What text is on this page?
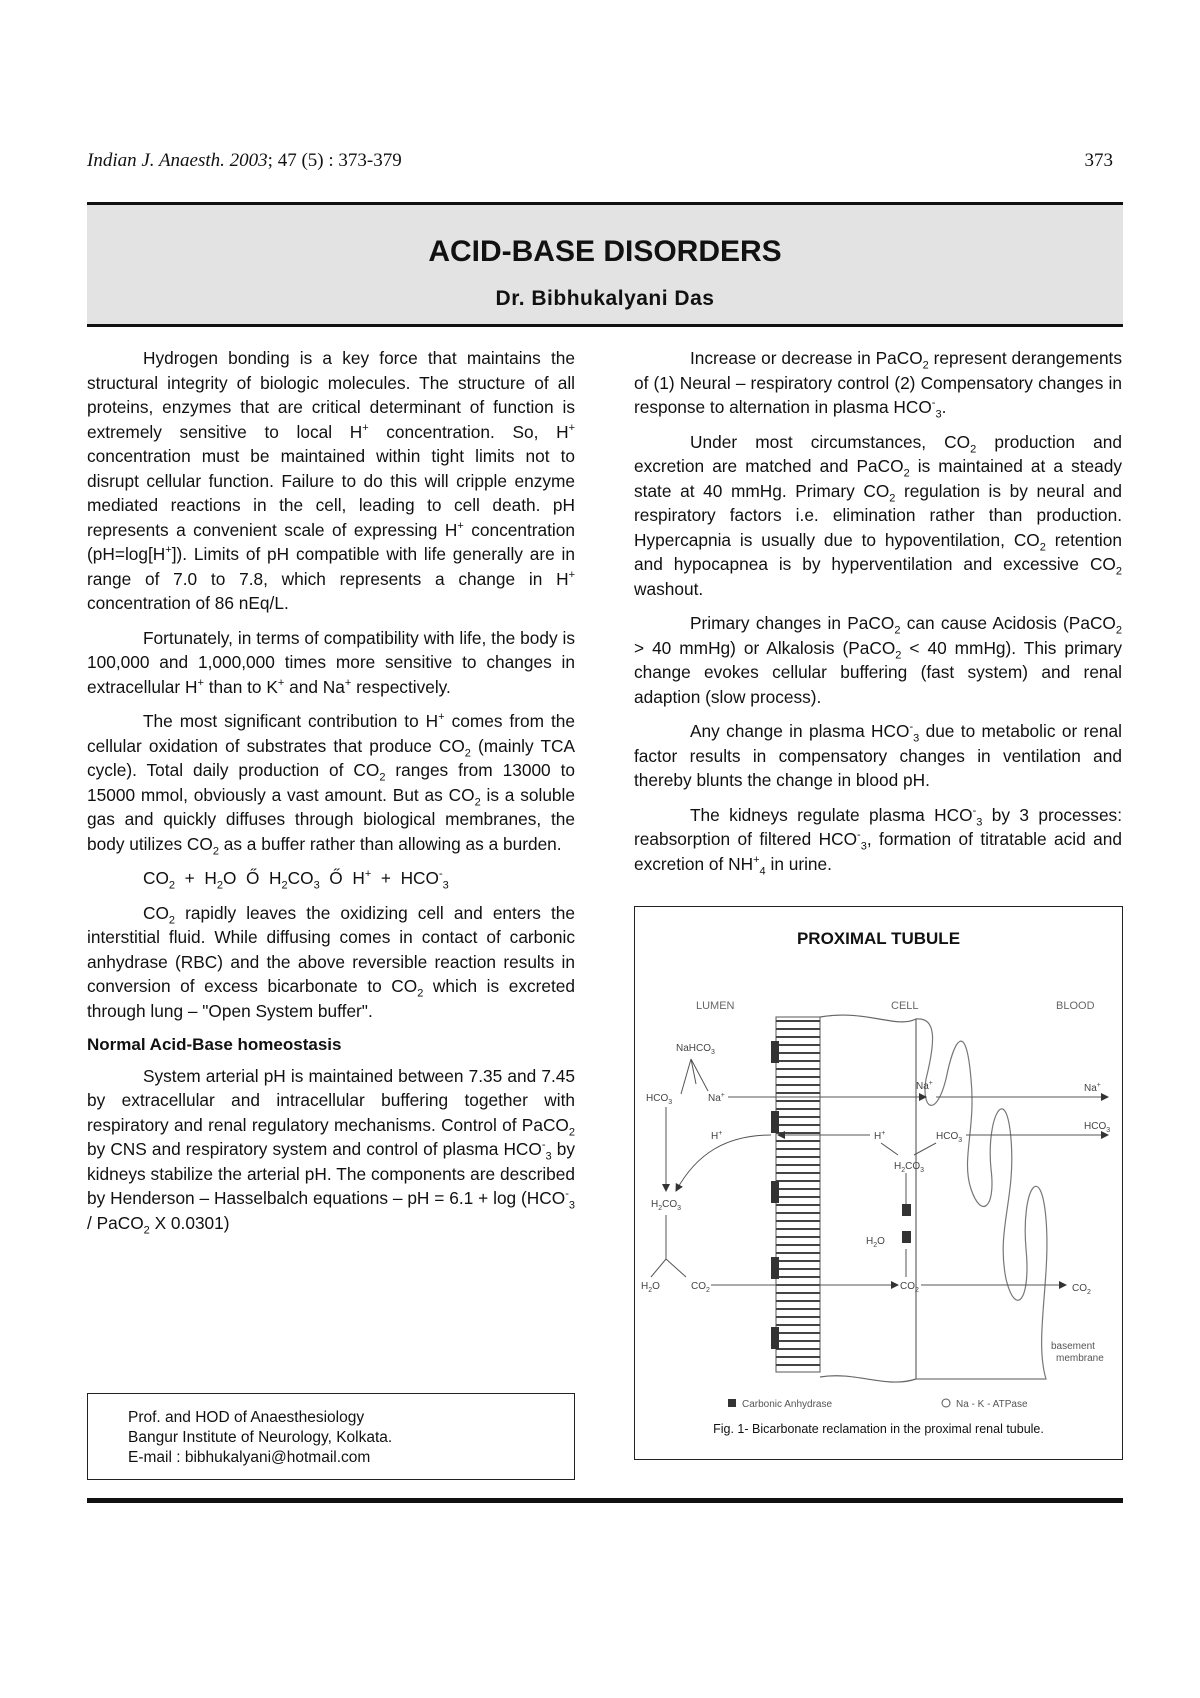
Indian J. Anaesth. 2003; 47 (5) : 373-379	373
ACID-BASE DISORDERS
Dr. Bibhukalyani Das

Hydrogen bonding is a key force that maintains the structural integrity of biologic molecules. The structure of all proteins, enzymes that are critical determinant of function is extremely sensitive to local H+ concentration. So, H+ concentration must be maintained within tight limits not to disrupt cellular function. Failure to do this will cripple enzyme mediated reactions in the cell, leading to cell death. pH represents a convenient scale of expressing H+ concentration (pH=log[H+]). Limits of pH compatible with life generally are in range of 7.0 to 7.8, which represents a change in H+ concentration of 86 nEq/L.

Fortunately, in terms of compatibility with life, the body is 100,000 and 1,000,000 times more sensitive to changes in extracellular H+ than to K+ and Na+ respectively.

The most significant contribution to H+ comes from the cellular oxidation of substrates that produce $CO_2$ (mainly TCA cycle). Total daily production of $CO_2$ ranges from 13000 to 15000 mmol, obviously a vast amount. But as $CO_2$ is a soluble gas and quickly diffuses through biological membranes, the body utilizes $CO_2$ as a buffer rather than allowing as a burden.

$CO_2 + H_2O$  Ő  $H_2CO_3$  Ő  $H^+ + HCO^-_3$

$CO_2$ rapidly leaves the oxidizing cell and enters the interstitial fluid. While diffusing comes in contact of carbonic anhydrase (RBC) and the above reversible reaction results in conversion of excess bicarbonate to $CO_2$ which is excreted through lung – "Open System buffer".

Normal Acid-Base homeostasis

System arterial pH is maintained between 7.35 and 7.45 by extracellular and intracellular buffering together with respiratory and renal regulatory mechanisms. Control of PaCO$_2$ by CNS and respiratory system and control of plasma $HCO^-_3$ by kidneys stabilize the arterial pH. The components are described by Henderson – Hasselbalch equations – pH = $6.1 + \log (HCO^-_3$ / PaCO$_2$ X 0.0301)

Prof. and HOD of Anaesthesiology
Bangur Institute of Neurology, Kolkata.
E-mail : bibhukalyani@hotmail.com

Increase or decrease in PaCO$_2$ represent derangements of (1) Neural – respiratory control (2) Compensatory changes in response to alternation in plasma $HCO^-_3$.

Under most circumstances, $CO_2$ production and excretion are matched and PaCO$_2$ is maintained at a steady state at 40 mmHg. Primary $CO_2$ regulation is by neural and respiratory factors i.e. elimination rather than production. Hypercapnia is usually due to hypoventilation, $CO_2$ retention and hypocapnea is by hyperventilation and excessive $CO_2$ washout.

Primary changes in PaCO$_2$ can cause Acidosis (PaCO$_2$ > 40 mmHg) or Alkalosis (PaCO$_2$ < 40 mmHg). This primary change evokes cellular buffering (fast system) and renal adaption (slow process).

Any change in plasma $HCO^-_3$ due to metabolic or renal factor results in compensatory changes in ventilation and thereby blunts the change in blood pH.

The kidneys regulate plasma $HCO^-_3$ by 3 processes: reabsorption of filtered $HCO^-_3$, formation of titratable acid and excretion of $NH^+_4$ in urine.

PROXIMAL TUBULE
LUMEN	CELL	BLOOD
NaHCO$_3$
$HCO_3$	Na+
H+
$H_2CO_3$
$H_2O$	$CO_2$
Na+	Na+
H+	$HCO_3$
$HCO_3$
$H_2CO_3$
$H_2O$
$CO_2$	$CO_2$
basement
membrane
Carbonic Anhydrase	Na - K - ATPase
Fig. 1- Bicarbonate reclamation in the proximal renal tubule.
